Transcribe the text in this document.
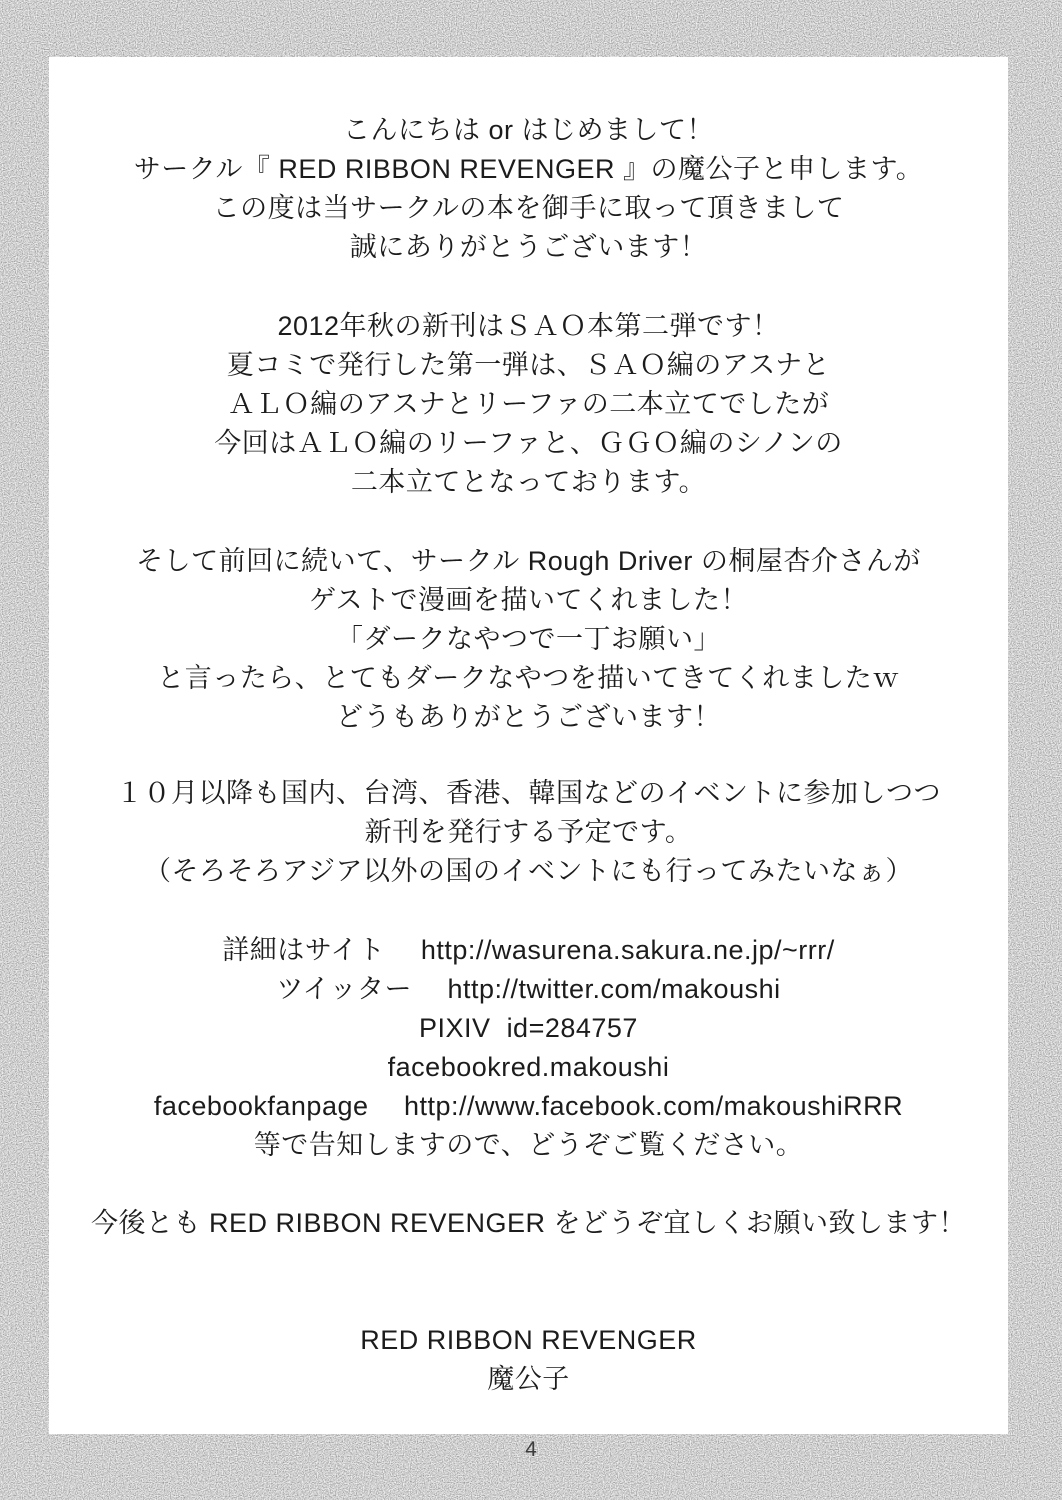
こんにちは or はじめまして！
サークル『 RED RIBBON REVENGER 』の魔公子と申します。
この度は当サークルの本を御手に取って頂きまして
誠にありがとうございます！
2012年秋の新刊はＳＡＯ本第二弾です！
夏コミで発行した第一弾は、ＳＡＯ編のアスナと
ＡＬＯ編のアスナとリーファの二本立てでしたが
今回はＡＬＯ編のリーファと、ＧＧＯ編のシノンの
二本立てとなっております。
そして前回に続いて、サークル Rough Driver の桐屋杏介さんが
ゲストで漫画を描いてくれました！
「ダークなやつで一丁お願い」
と言ったら、とてもダークなやつを描いてきてくれましたｗ
どうもありがとうございます！
１０月以降も国内、台湾、香港、韓国などのイベントに参加しつつ
新刊を発行する予定です。
（そろそろアジア以外の国のイベントにも行ってみたいなぁ）
詳細はサイト　 http://wasurena.sakura.ne.jp/~rrr/
ツイッター　 http://twitter.com/makoushi
PIXIV  id=284757
facebookred.makoushi
facebookfanpage　 http://www.facebook.com/makoushiRRR
等で告知しますので、どうぞご覧ください。
今後とも RED RIBBON REVENGER をどうぞ宜しくお願い致します！
RED RIBBON REVENGER
魔公子
4
